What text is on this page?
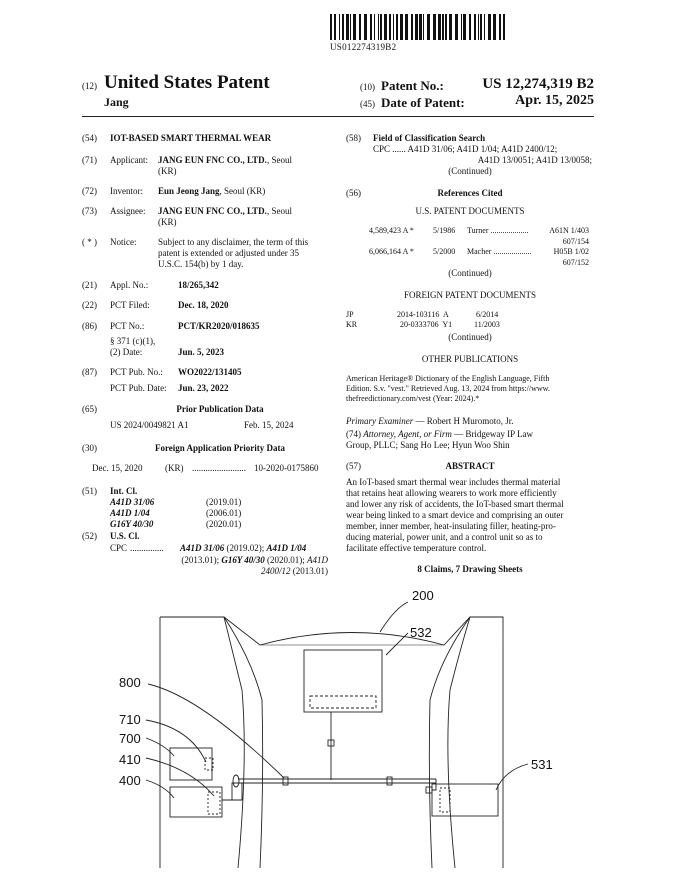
US012274319B2
(12) United States Patent
Jang
(10) Patent No.:	US 12,274,319 B2
(45) Date of Patent:	Apr. 15, 2025
(54) IOT-BASED SMART THERMAL WEAR
(71) Applicant: JANG EUN FNC CO., LTD., Seoul
(KR)
(72) Inventor: Eun Jeong Jang, Seoul (KR)
(73) Assignee: JANG EUN FNC CO., LTD., Seoul
(KR)
( * ) Notice: Subject to any disclaimer, the term of this
patent is extended or adjusted under 35
U.S.C. 154(b) by 1 day.
(21) Appl. No.:	18/265,342
(22) PCT Filed:	Dec. 18, 2020
(86) PCT No.:	PCT/KR2020/018635
§ 371 (c)(1),
(2) Date:	Jun. 5, 2023
(87) PCT Pub. No.: WO2022/131405
PCT Pub. Date: Jun. 23, 2022
(65)	Prior Publication Data
US 2024/0049821 A1	Feb. 15, 2024
(30)	Foreign Application Priority Data
Dec. 15, 2020	(KR) ........................ 10-2020-0175860
(51) Int. Cl.
A41D 31/06	(2019.01)
A41D 1/04	(2006.01)
G16Y 40/30	(2020.01)
(52) U.S. Cl.
CPC ............... A41D 31/06 (2019.02); A41D 1/04
(2013.01); G16Y 40/30 (2020.01); A41D
2400/12 (2013.01)
(58) Field of Classification Search
CPC ...... A41D 31/06; A41D 1/04; A41D 2400/12;
A41D 13/0051; A41D 13/0058;
(Continued)
(56)	References Cited
U.S. PATENT DOCUMENTS
4,589,423 A * 5/1986 Turner ...................	A61N 1/403
607/154
6,066,164 A * 5/2000 Macher ...................	H05B 1/02
607/152
(Continued)
FOREIGN PATENT DOCUMENTS
JP	2014-103116 A	6/2014
KR	20-0333706 Y1	11/2003
(Continued)
OTHER PUBLICATIONS
American Heritage® Dictionary of the English Language, Fifth
Edition. S.v. "vest." Retrieved Aug. 13, 2024 from https://www.
thefreedictionary.com/vest (Year: 2024).*
Primary Examiner — Robert H Muromoto, Jr.
(74) Attorney, Agent, or Firm — Bridgeway IP Law
Group, PLLC; Sang Ho Lee; Hyun Woo Shin
(57)	ABSTRACT
An IoT-based smart thermal wear includes thermal material
that retains heat allowing wearers to work more efficiently
and lower any risk of accidents, the IoT-based smart thermal
wear being linked to a smart device and comprising an outer
member, inner member, heat-insulating filler, heating-pro-
ducing material, power unit, and a control unit so as to
facilitate effective temperature control.
8 Claims, 7 Drawing Sheets
200
532
800
710
700
410
400
531
